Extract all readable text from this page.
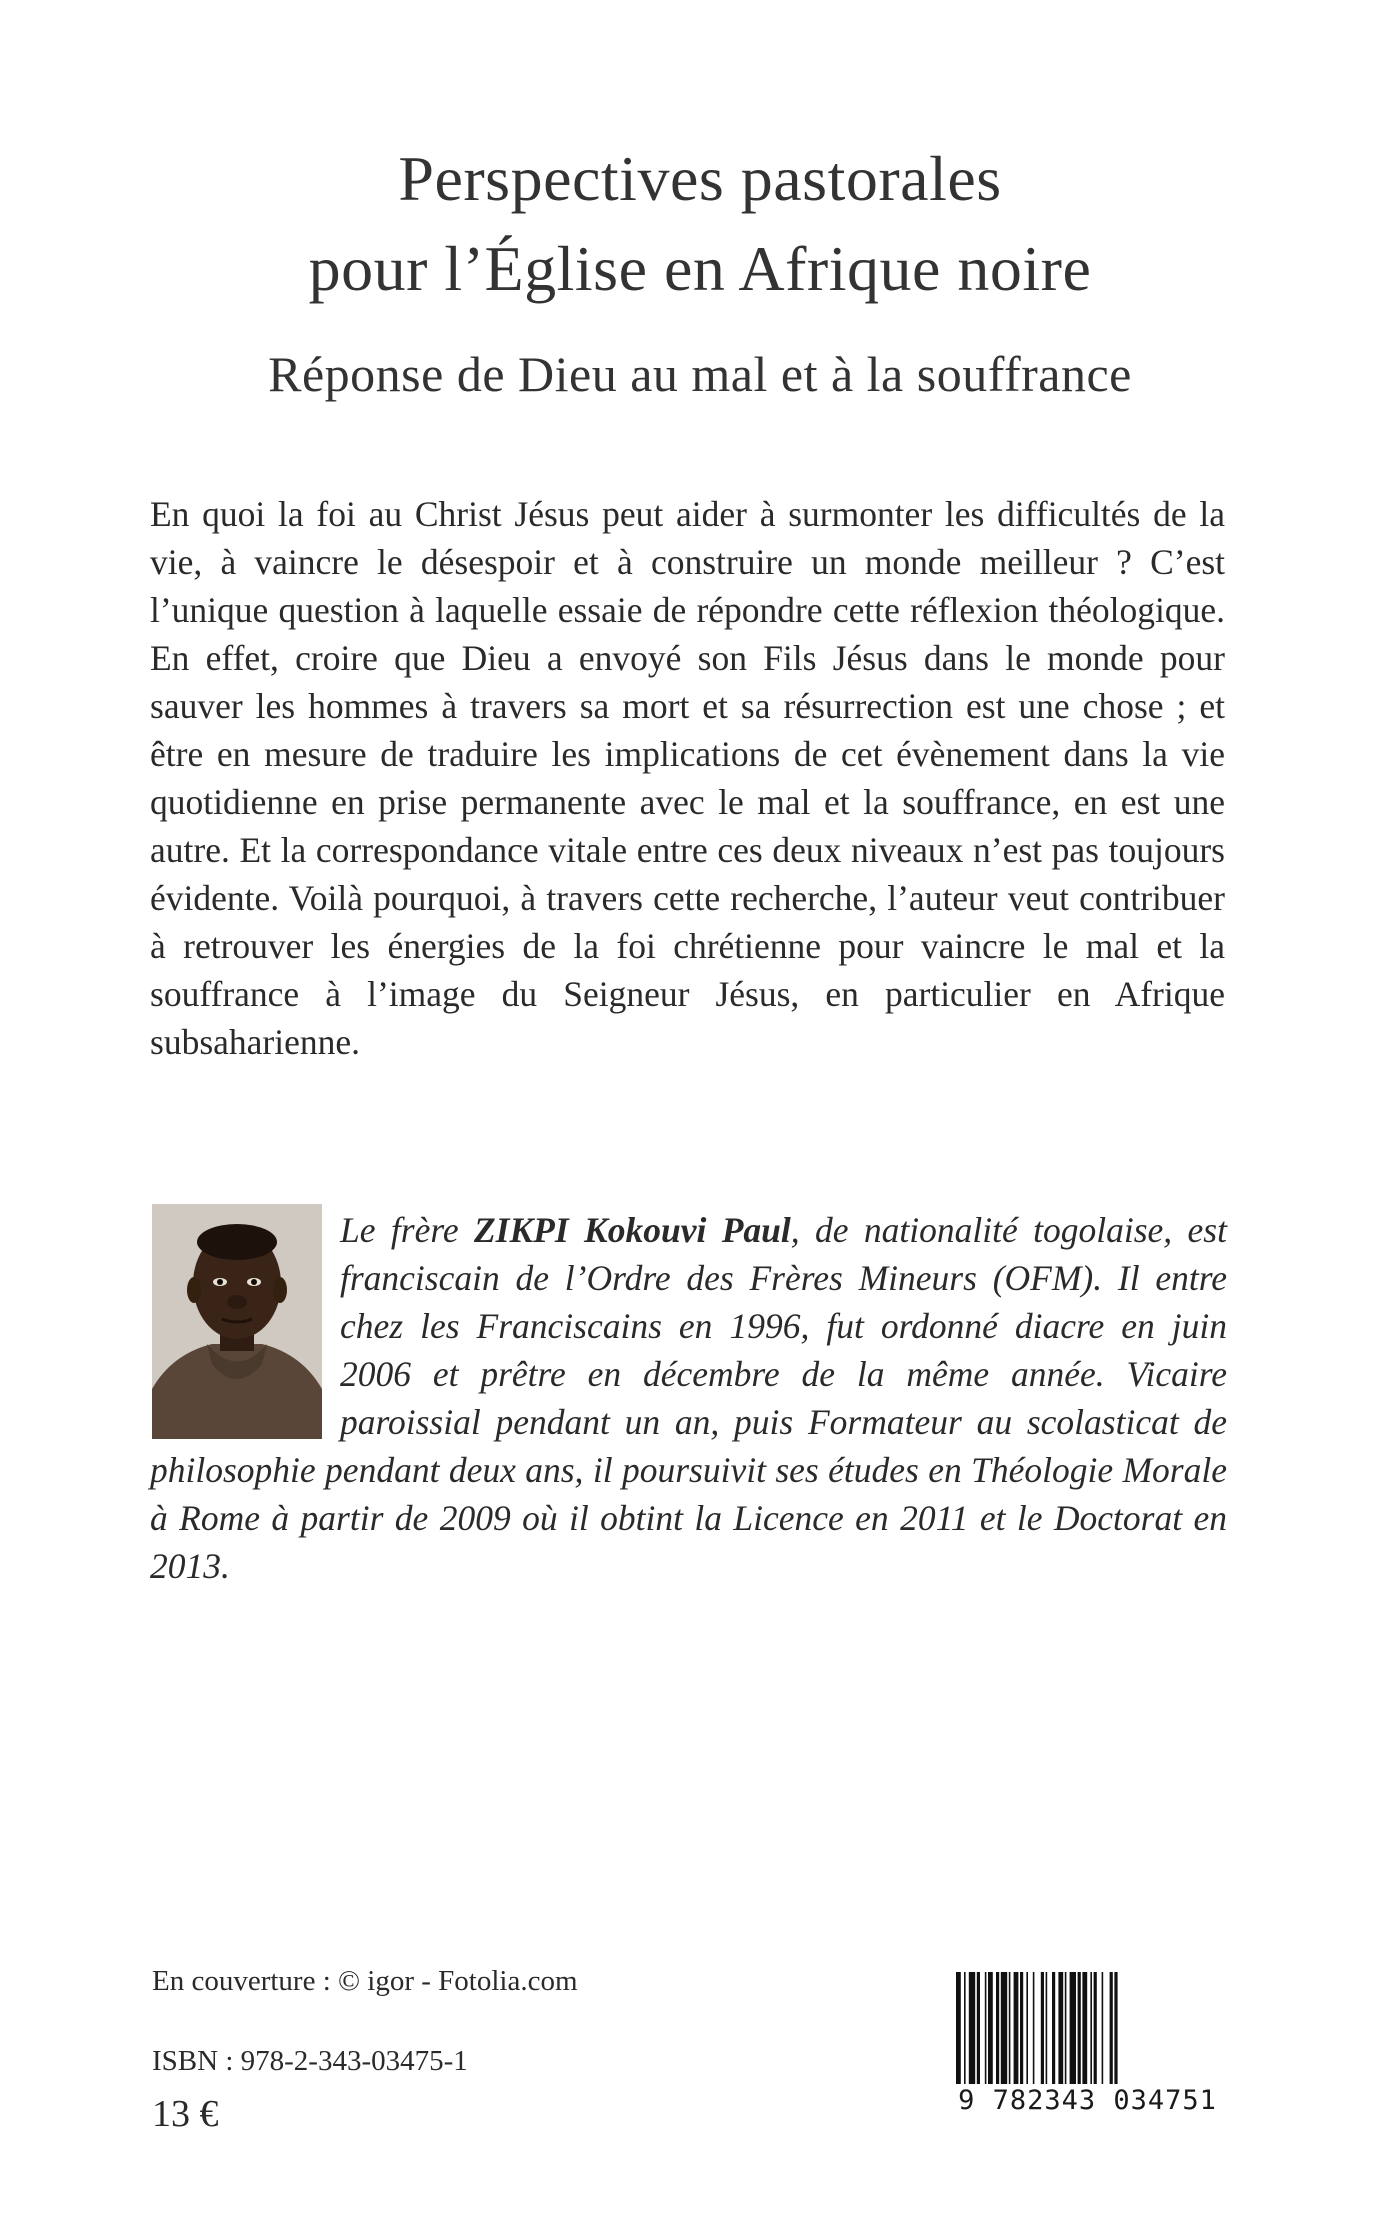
Perspectives pastorales
pour l’Église en Afrique noire
Réponse de Dieu au mal et à la souffrance

En quoi la foi au Christ Jésus peut aider à surmonter les difficultés de la vie, à vaincre le désespoir et à construire un monde meilleur ? C’est l’unique question à laquelle essaie de répondre cette réflexion théologique. En effet, croire que Dieu a envoyé son Fils Jésus dans le monde pour sauver les hommes à travers sa mort et sa résurrection est une chose ; et être en mesure de traduire les implications de cet évènement dans la vie quotidienne en prise permanente avec le mal et la souffrance, en est une autre. Et la correspondance vitale entre ces deux niveaux n’est pas toujours évidente. Voilà pourquoi, à travers cette recherche, l’auteur veut contribuer à retrouver les énergies de la foi chrétienne pour vaincre le mal et la souffrance à l’image du Seigneur Jésus, en particulier en Afrique subsaharienne.

Le frère ZIKPI Kokouvi Paul, de nationalité togolaise, est franciscain de l’Ordre des Frères Mineurs (OFM). Il entre chez les Franciscains en 1996, fut ordonné diacre en juin 2006 et prêtre en décembre de la même année. Vicaire paroissial pendant un an, puis Formateur au scolasticat de philosophie pendant deux ans, il poursuivit ses études en Théologie Morale à Rome à partir de 2009 où il obtint la Licence en 2011 et le Doctorat en 2013.

En couverture : © igor - Fotolia.com

ISBN : 978-2-343-03475-1

13 €	9 782343 034751
